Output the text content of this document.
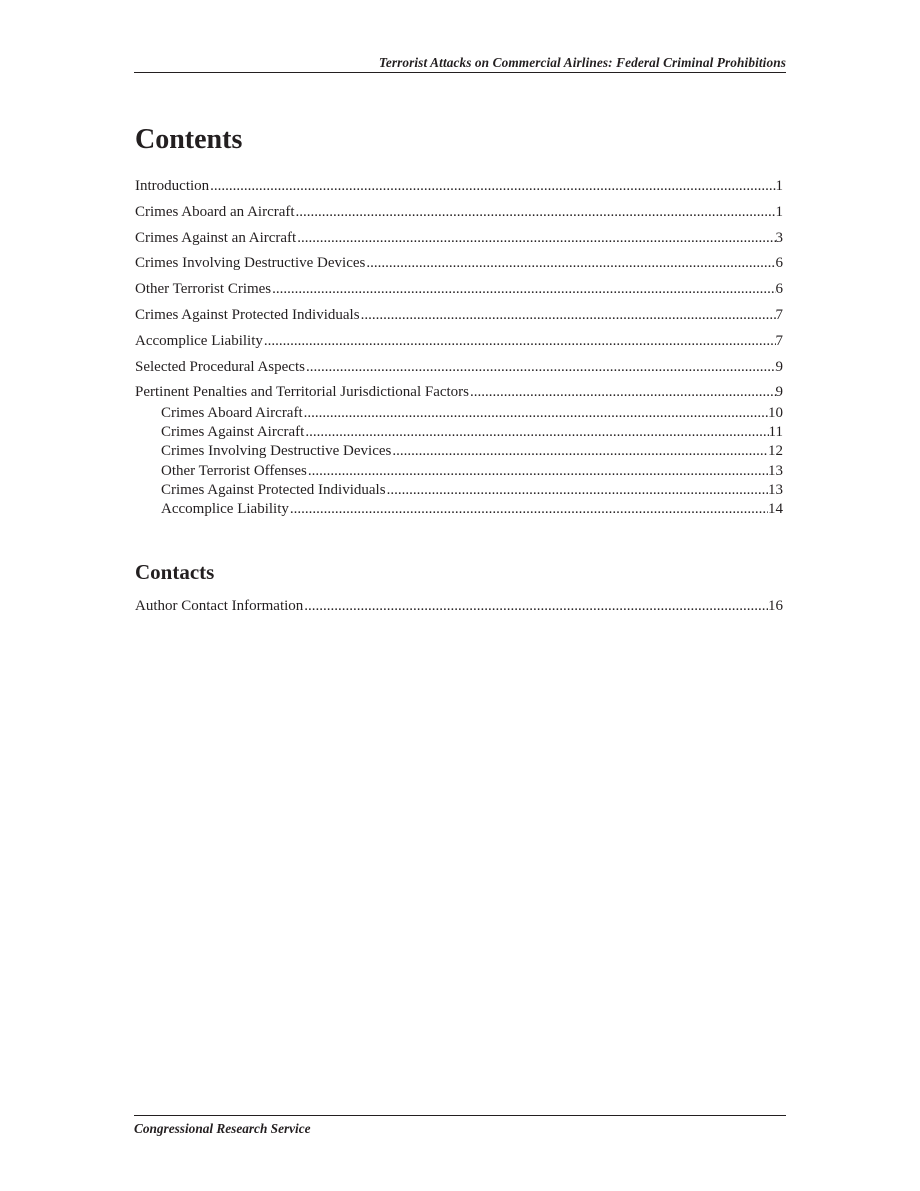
Terrorist Attacks on Commercial Airlines: Federal Criminal Prohibitions
Contents
Introduction .....	1
Crimes Aboard an Aircraft .....	1
Crimes Against an Aircraft .....	3
Crimes Involving Destructive Devices .....	6
Other Terrorist Crimes .....	6
Crimes Against Protected Individuals .....	7
Accomplice Liability .....	7
Selected Procedural Aspects .....	9
Pertinent Penalties and Territorial Jurisdictional Factors .....	9
Crimes Aboard Aircraft .....	10
Crimes Against Aircraft .....	11
Crimes Involving Destructive Devices .....	12
Other Terrorist Offenses .....	13
Crimes Against Protected Individuals .....	13
Accomplice Liability .....	14
Contacts
Author Contact Information .....	16
Congressional Research Service
